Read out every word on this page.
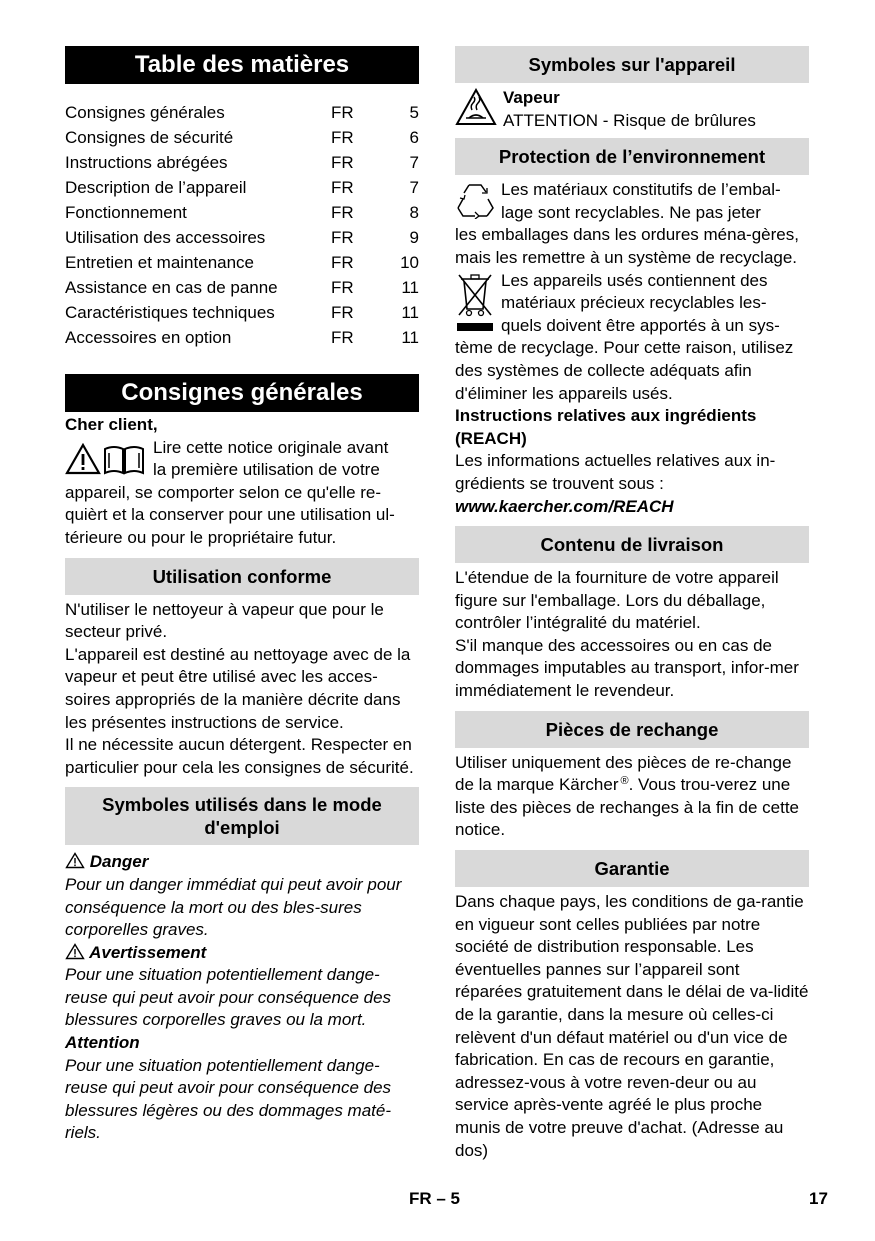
Table des matières
Consignes générales	FR	5
Consignes de sécurité	FR	6
Instructions abrégées	FR	7
Description de l’appareil	FR	7
Fonctionnement	FR	8
Utilisation des accessoires	FR	9
Entretien et maintenance	FR	10
Assistance en cas de panne	FR	11
Caractéristiques techniques	FR	11
Accessoires en option	FR	11
Consignes générales

Cher client,

Lire cette notice originale avant
la première utilisation de votre

appareil, se comporter selon ce qu'elle re-quièrt et la conserver pour une utilisation ul-térieure ou pour le propriétaire futur.

Utilisation conforme

N'utiliser le nettoyeur à vapeur que pour le secteur privé.

L'appareil est destiné au nettoyage avec de la vapeur et peut être utilisé avec les acces-soires appropriés de la manière décrite dans les présentes instructions de service.

Il ne nécessite aucun détergent. Respecter en particulier pour cela les consignes de sécurité.

Symboles utilisés dans le mode d'emploi

Danger

Pour un danger immédiat qui peut avoir pour conséquence la mort ou des bles-sures corporelles graves.

Avertissement

Pour une situation potentiellement dange-reuse qui peut avoir pour conséquence des blessures corporelles graves ou la mort.

Attention

Pour une situation potentiellement dange-reuse qui peut avoir pour conséquence des blessures légères ou des dommages maté-riels.

Symboles sur l'appareil

Vapeur

ATTENTION - Risque de brûlures

Protection de l’environnement
Les matériaux constitutifs de l’embal-
lage sont recyclables. Ne pas jeter

les emballages dans les ordures ména-gères, mais les remettre à un système de recyclage.

Les appareils usés contiennent des
matériaux précieux recyclables les-
quels doivent être apportés à un sys-

tème de recyclage. Pour cette raison, utilisez des systèmes de collecte adéquats afin d'éliminer les appareils usés.

Instructions relatives aux ingrédients (REACH)

Les informations actuelles relatives aux in-grédients se trouvent sous :

www.kaercher.com/REACH

Contenu de livraison

L'étendue de la fourniture de votre appareil figure sur l'emballage. Lors du déballage, contrôler l’intégralité du matériel.

S'il manque des accessoires ou en cas de dommages imputables au transport, infor-mer immédiatement le revendeur.

Pièces de rechange

Utiliser uniquement des pièces de re-change de la marque Kärcher ®. Vous trou-verez une liste des pièces de rechanges à la fin de cette notice.

Garantie

Dans chaque pays, les conditions de ga-rantie en vigueur sont celles publiées par notre société de distribution responsable. Les éventuelles pannes sur l’appareil sont réparées gratuitement dans le délai de va-lidité de la garantie, dans la mesure où celles-ci relèvent d'un défaut matériel ou d'un vice de fabrication. En cas de recours en garantie, adressez-vous à votre reven-deur ou au service après-vente agréé le plus proche munis de votre preuve d'achat. (Adresse au dos)

FR – 5	17
